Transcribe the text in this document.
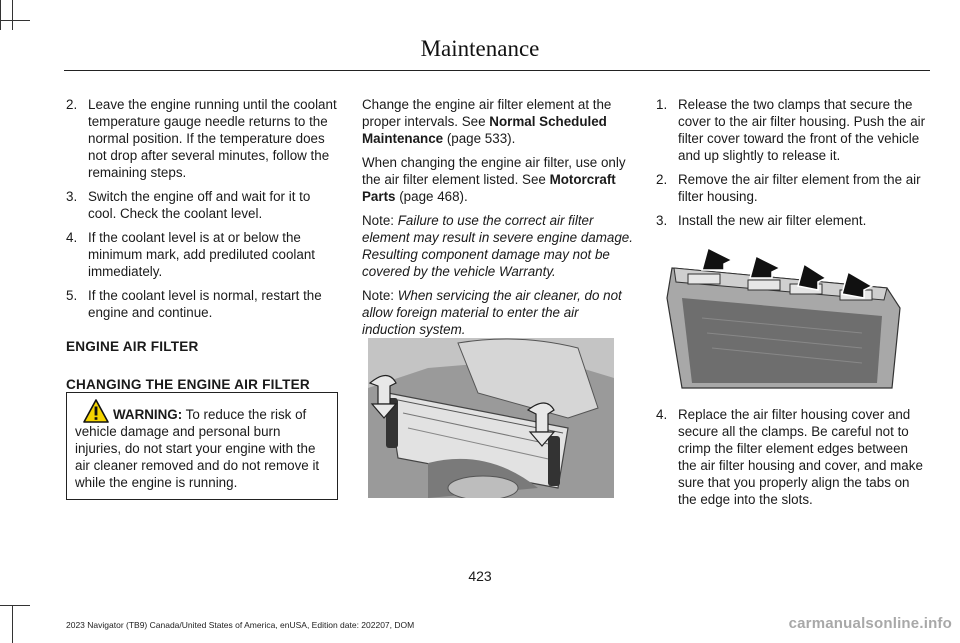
Maintenance
2. Leave the engine running until the coolant temperature gauge needle returns to the normal position. If the temperature does not drop after several minutes, follow the remaining steps.
3. Switch the engine off and wait for it to cool. Check the coolant level.
4. If the coolant level is at or below the minimum mark, add prediluted coolant immediately.
5. If the coolant level is normal, restart the engine and continue.

ENGINE AIR FILTER

CHANGING THE ENGINE AIR FILTER

WARNING: To reduce the risk of vehicle damage and personal burn injuries, do not start your engine with the air cleaner removed and do not remove it while the engine is running.

Change the engine air filter element at the proper intervals. See Normal Scheduled Maintenance (page 533).

When changing the engine air filter, use only the air filter element listed. See Motorcraft Parts (page 468).

Note: Failure to use the correct air filter element may result in severe engine damage. Resulting component damage may not be covered by the vehicle Warranty.

Note: When servicing the air cleaner, do not allow foreign material to enter the air induction system.

1. Release the two clamps that secure the cover to the air filter housing. Push the air filter cover toward the front of the vehicle and up slightly to release it.
2. Remove the air filter element from the air filter housing.
3. Install the new air filter element.
4. Replace the air filter housing cover and secure all the clamps. Be careful not to crimp the filter element edges between the air filter housing and cover, and make sure that you properly align the tabs on the edge into the slots.
423
2023 Navigator (TB9) Canada/United States of America, enUSA, Edition date: 202207, DOM	carmanualsonline.info
